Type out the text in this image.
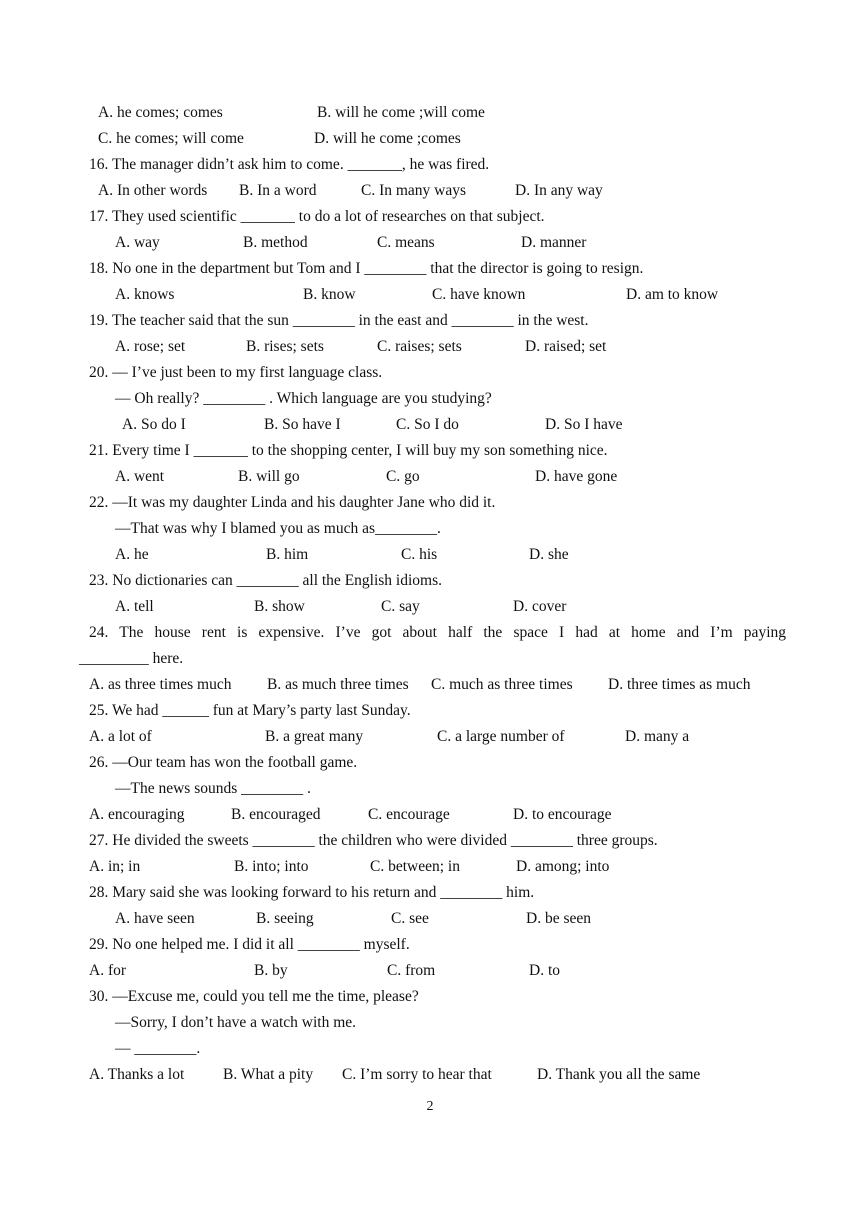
A. he comes; comes	B. will he come ;will come
C. he comes; will come	D. will he come ;comes
16. The manager didn’t ask him to come. _______, he was fired.
A. In other words B. In a word	C. In many ways	D. In any way
17. They used scientific _______ to do a lot of researches on that subject.
A. way	B. method	C. means	D. manner
18. No one in the department but Tom and I ________ that the director is going to resign.
A. knows	B. know	C. have known	D. am to know
19. The teacher said that the sun ________ in the east and ________ in the west.
A. rose; set	B. rises; sets	C. raises; sets	D. raised; set
20. — I’ve just been to my first language class.
— Oh really? ________ . Which language are you studying?
A. So do I	B. So have I	C. So I do	D. So I have
21. Every time I _______ to the shopping center, I will buy my son something nice.
A. went	B. will go	C. go	D. have gone
22. —It was my daughter Linda and his daughter Jane who did it.
—That was why I blamed you as much as________.
A. he	B. him	C. his	D. she
23. No dictionaries can ________ all the English idioms.
A. tell	B. show	C. say	D. cover
24. The house rent is expensive. I’ve got about half the space I had at home and I’m paying
_________ here.
A. as three times much B. as much three times C. much as three times D. three times as much
25. We had ______ fun at Mary’s party last Sunday.
A. a lot of	B. a great many	C. a large number of	D. many a
26. —Our team has won the football game.
—The news sounds ________ .
A. encouraging	B. encouraged	C. encourage	D. to encourage
27. He divided the sweets ________ the children who were divided ________ three groups.
A. in; in	B. into; into	C. between; in	D. among; into
28. Mary said she was looking forward to his return and ________ him.
A. have seen	B. seeing	C. see	D. be seen
29. No one helped me. I did it all ________ myself.
A. for	B. by	C. from	D. to
30. —Excuse me, could you tell me the time, please?
—Sorry, I don’t have a watch with me.
— ________.
A. Thanks a lot B. What a pity C. I’m sorry to hear that	D. Thank you all the same
2
